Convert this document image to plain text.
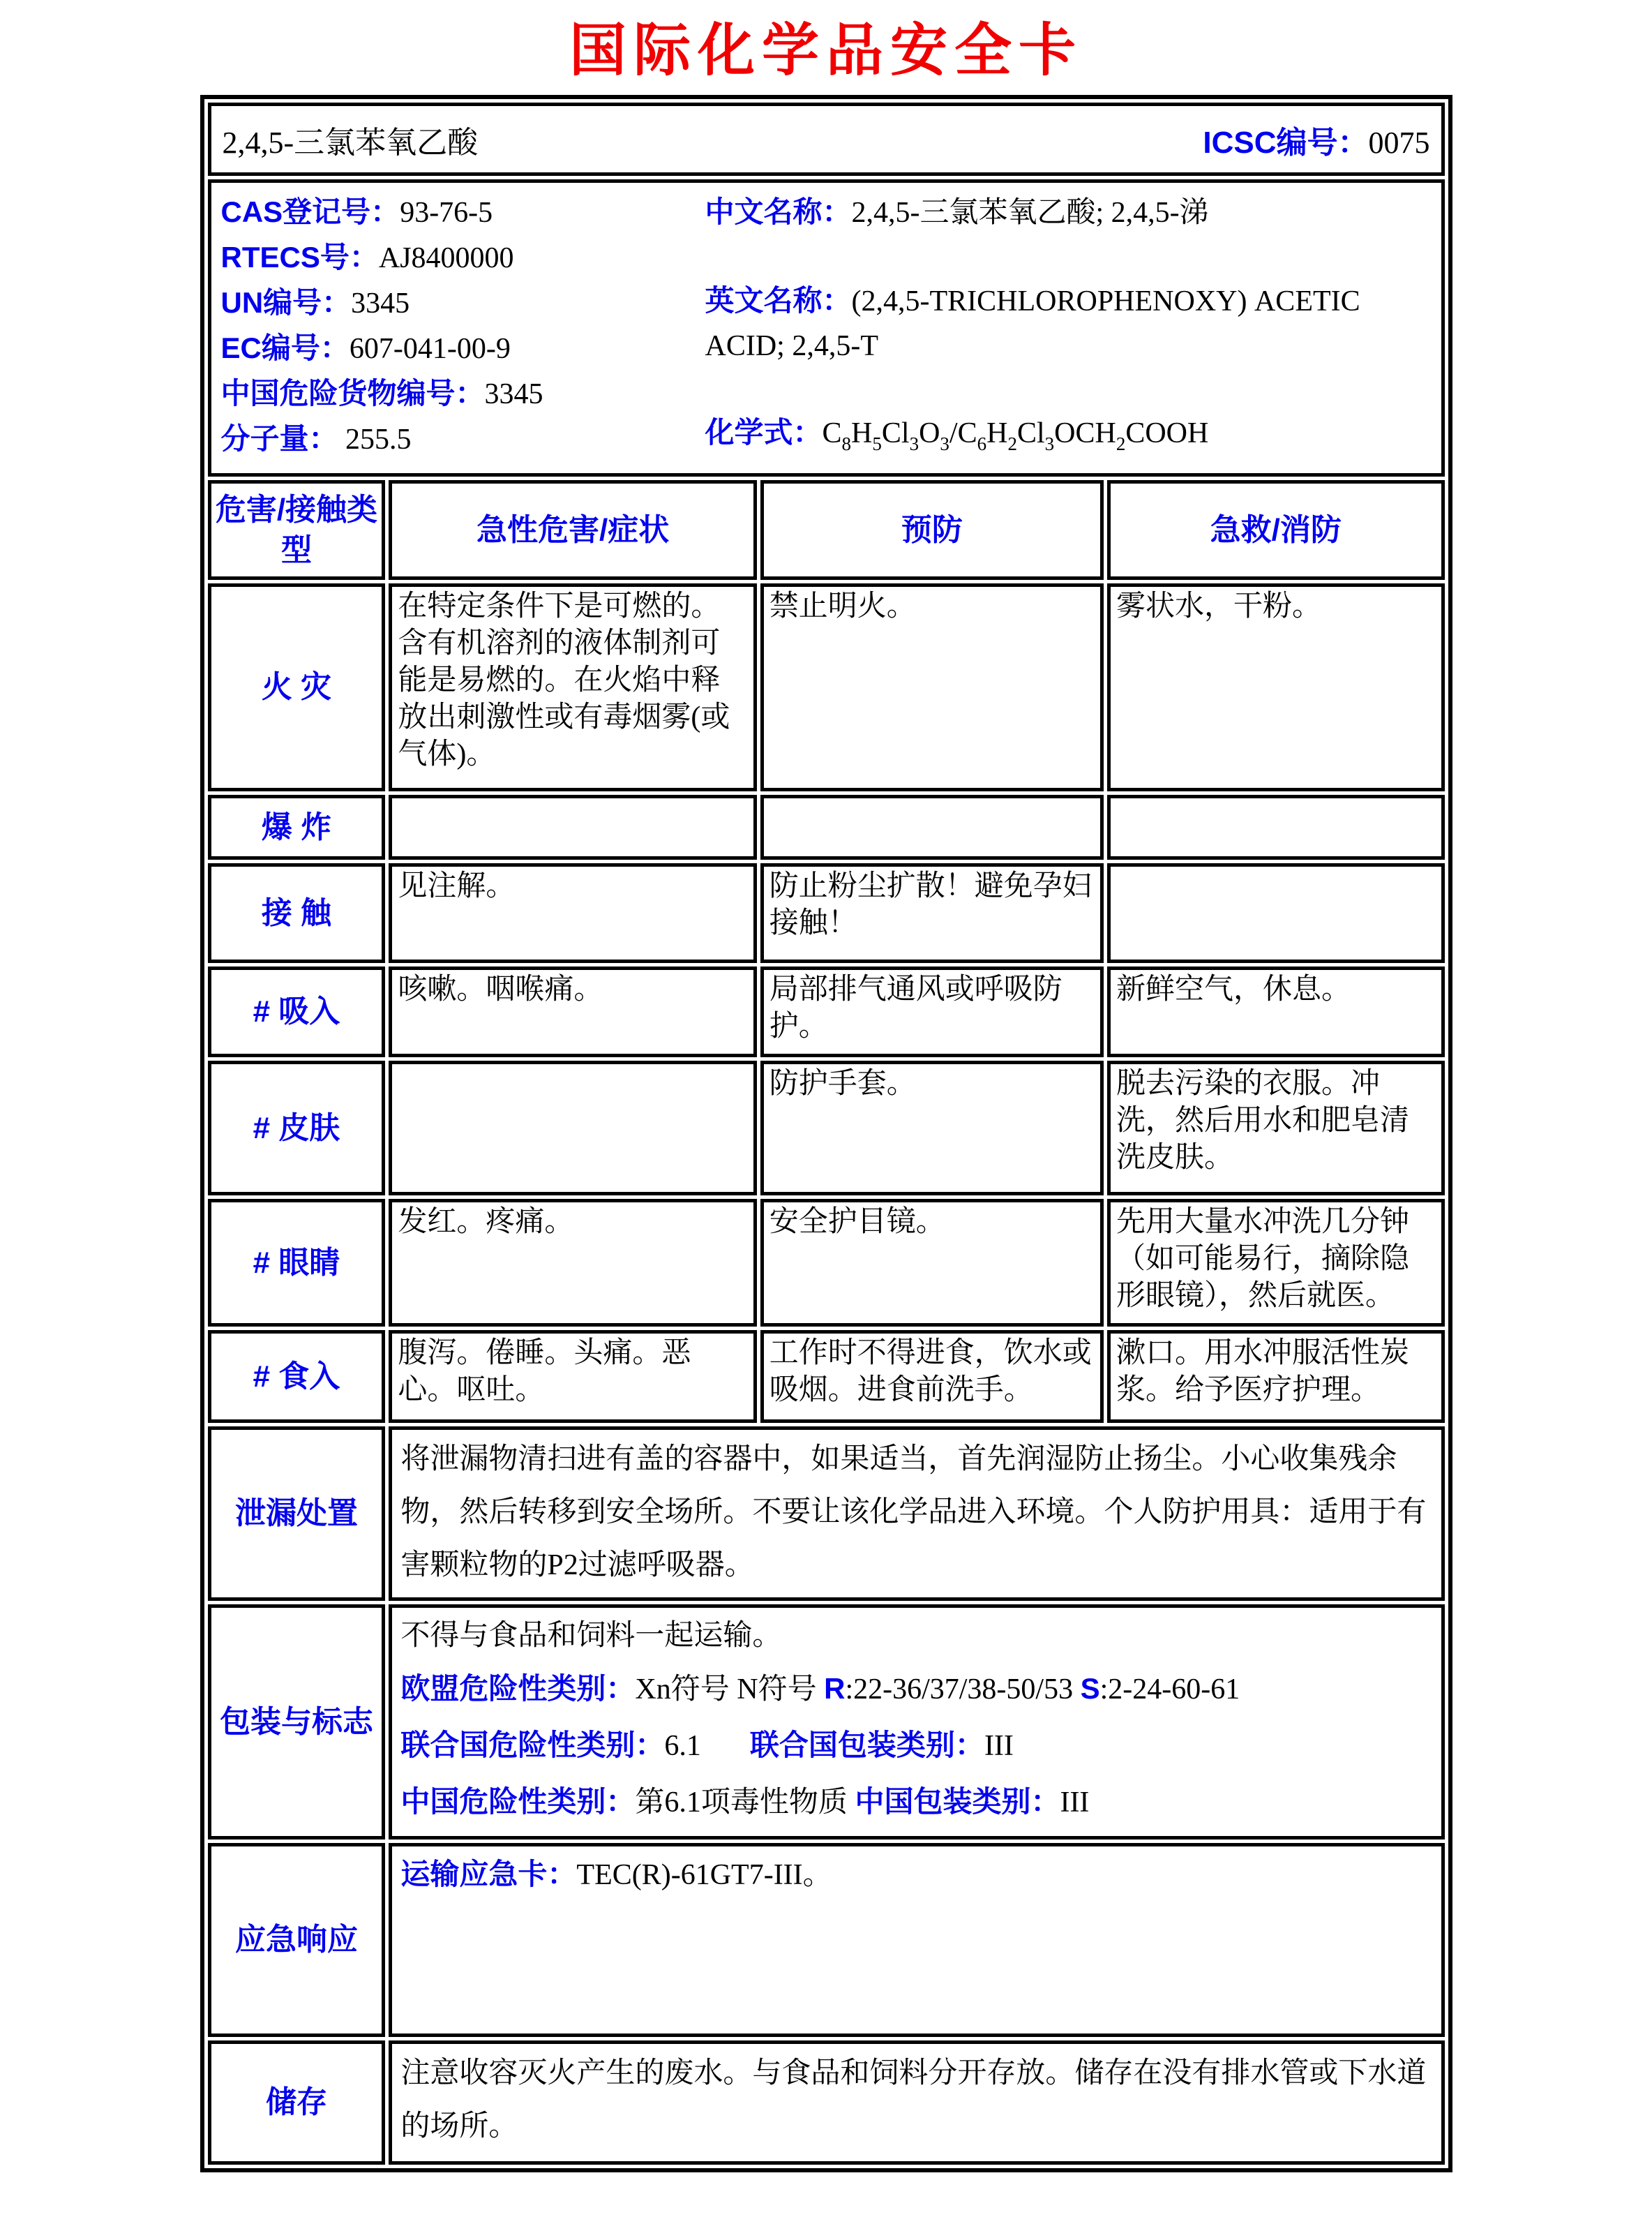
国际化学品安全卡
2,4,5-三氯苯氧乙酸 ICSC编号：0075			

CAS登记号：93-76-5
RTECS号：AJ8400000
UN编号：3345
EC编号：607-041-00-9
中国危险货物编号：3345
分子量： 255.5
中文名称：2,4,5-三氯苯氧乙酸; 2,4,5-涕
英文名称：(2,4,5-TRICHLOROPHENOXY) ACETIC ACID; 2,4,5-T
化学式：$C_8H_5Cl_3O_3/C_6H_2Cl_3OCH_2COOH$

危害/接触类型	急性危害/症状	预防	急救/消防
火 灾	在特定条件下是可燃的。含有机溶剂的液体制剂可能是易燃的。在火焰中释放出刺激性或有毒烟雾(或气体)。	禁止明火。	雾状水，干粉。
爆 炸			
接 触	见注解。	防止粉尘扩散！避免孕妇接触！	
# 吸入	咳嗽。咽喉痛。	局部排气通风或呼吸防护。	新鲜空气，休息。
# 皮肤		防护手套。	脱去污染的衣服。冲洗，然后用水和肥皂清洗皮肤。
# 眼睛	发红。疼痛。	安全护目镜。	先用大量水冲洗几分钟（如可能易行，摘除隐形眼镜），然后就医。
# 食入	腹泻。倦睡。头痛。恶心。呕吐。	工作时不得进食，饮水或吸烟。进食前洗手。	漱口。用水冲服活性炭浆。给予医疗护理。
泄漏处置	将泄漏物清扫进有盖的容器中，如果适当，首先润湿防止扬尘。小心收集残余物，然后转移到安全场所。不要让该化学品进入环境。个人防护用具：适用于有害颗粒物的P2过滤呼吸器。		

包装与标志	不得与食品和饲料一起运输。
欧盟危险性类别：Xn符号 N符号 R:22-36/37/38-50/53 S:2-24-60-61
联合国危险性类别：6.1 联合国包装类别：III
中国危险性类别：第6.1项毒性物质 中国包装类别：III		

应急响应	运输应急卡：TEC(R)-61GT7-III。		

储存	注意收容灭火产生的废水。与食品和饲料分开存放。储存在没有排水管或下水道的场所。		
